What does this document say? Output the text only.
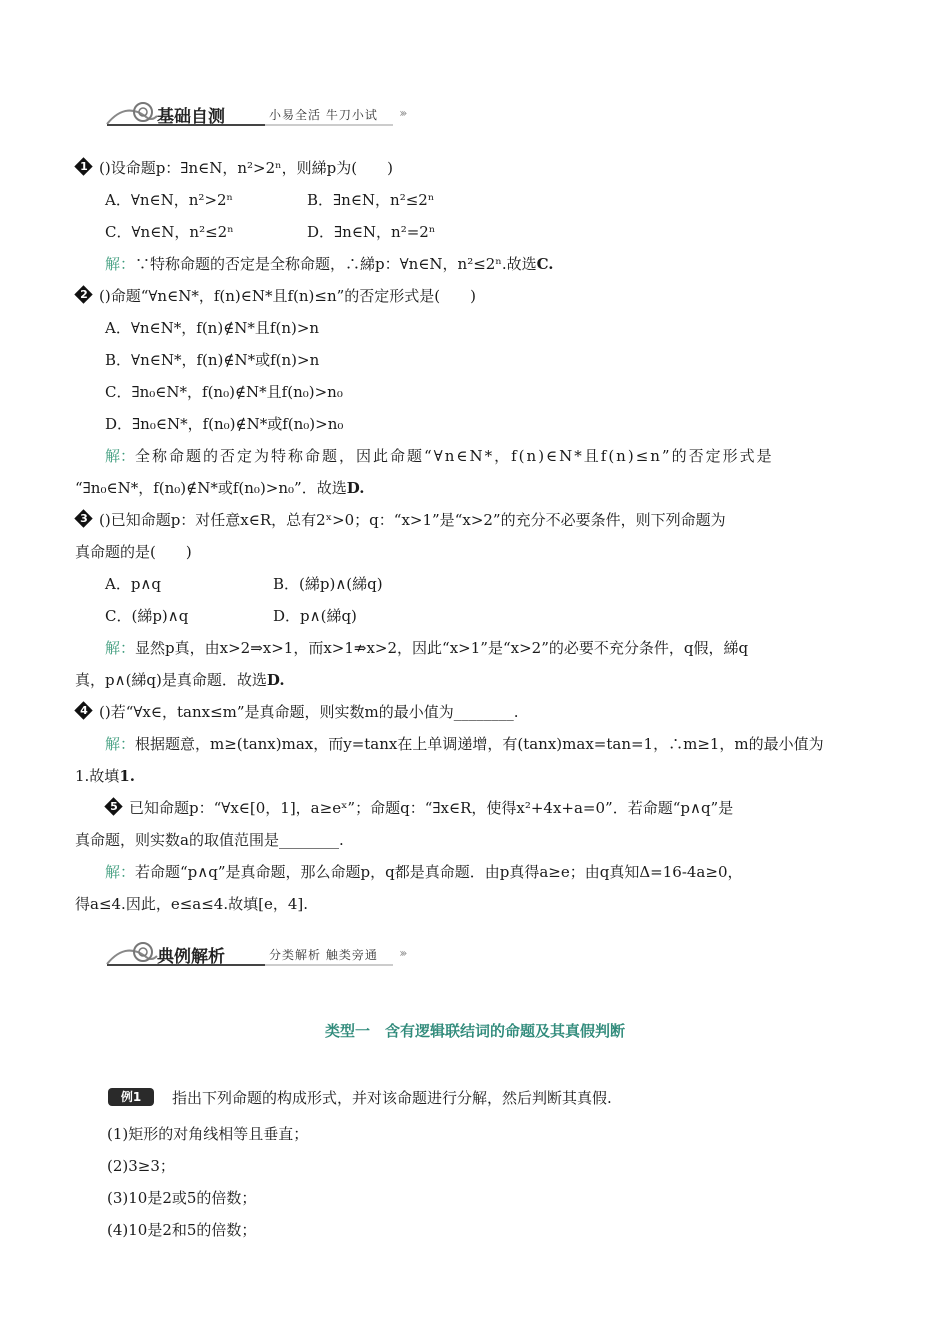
基础自测	小易全活 牛刀小试 ›››
1 ()设命题p：∃n∈N，n²>2ⁿ，则綈p为(　　)
A．∀n∈N，n²>2ⁿ	B．∃n∈N，n²≤2ⁿ
C．∀n∈N，n²≤2ⁿ	D．∃n∈N，n²=2ⁿ
解：∵特称命题的否定是全称命题，∴綈p：∀n∈N，n²≤2ⁿ.故选C.
2 ()命题“∀n∈N*，f(n)∈N*且f(n)≤n”的否定形式是(　　)
A．∀n∈N*，f(n)∉N*且f(n)>n
B．∀n∈N*，f(n)∉N*或f(n)>n
C．∃n₀∈N*，f(n₀)∉N*且f(n₀)>n₀
D．∃n₀∈N*，f(n₀)∉N*或f(n₀)>n₀
解：全称命题的否定为特称命题，因此命题“∀n∈N*，f(n)∈N*且f(n)≤n”的否定形式是
“∃n₀∈N*，f(n₀)∉N*或f(n₀)>n₀”．故选D.
3 ()已知命题p：对任意x∈R，总有2ˣ>0；q：“x>1”是“x>2”的充分不必要条件，则下列命题为
真命题的是(　　)
A．p∧q	B．(綈p)∧(綈q)
C．(綈p)∧q	D．p∧(綈q)
解：显然p真，由x>2⇒x>1，而x>1⇏x>2，因此“x>1”是“x>2”的必要不充分条件，q假，綈q
真，p∧(綈q)是真命题．故选D.
4 ()若“∀x∈，tanx≤m”是真命题，则实数m的最小值为________.
解：根据题意，m≥(tanx)max，而y=tanx在上单调递增，有(tanx)max=tan=1，∴m≥1，m的最小值为
1.故填1.
5 已知命题p：“∀x∈[0，1]，a≥eˣ”；命题q：“∃x∈R，使得x²+4x+a=0”．若命题“p∧q”是
真命题，则实数a的取值范围是________.
解：若命题“p∧q”是真命题，那么命题p，q都是真命题．由p真得a≥e；由q真知Δ=16-4a≥0，
得a≤4.因此，e≤a≤4.故填[e，4].
典例解析	分类解析 触类旁通 ›››
类型一　含有逻辑联结词的命题及其真假判断
例1	指出下列命题的构成形式，并对该命题进行分解，然后判断其真假.
(1)矩形的对角线相等且垂直；
(2)3≥3；
(3)10是2或5的倍数；
(4)10是2和5的倍数；
